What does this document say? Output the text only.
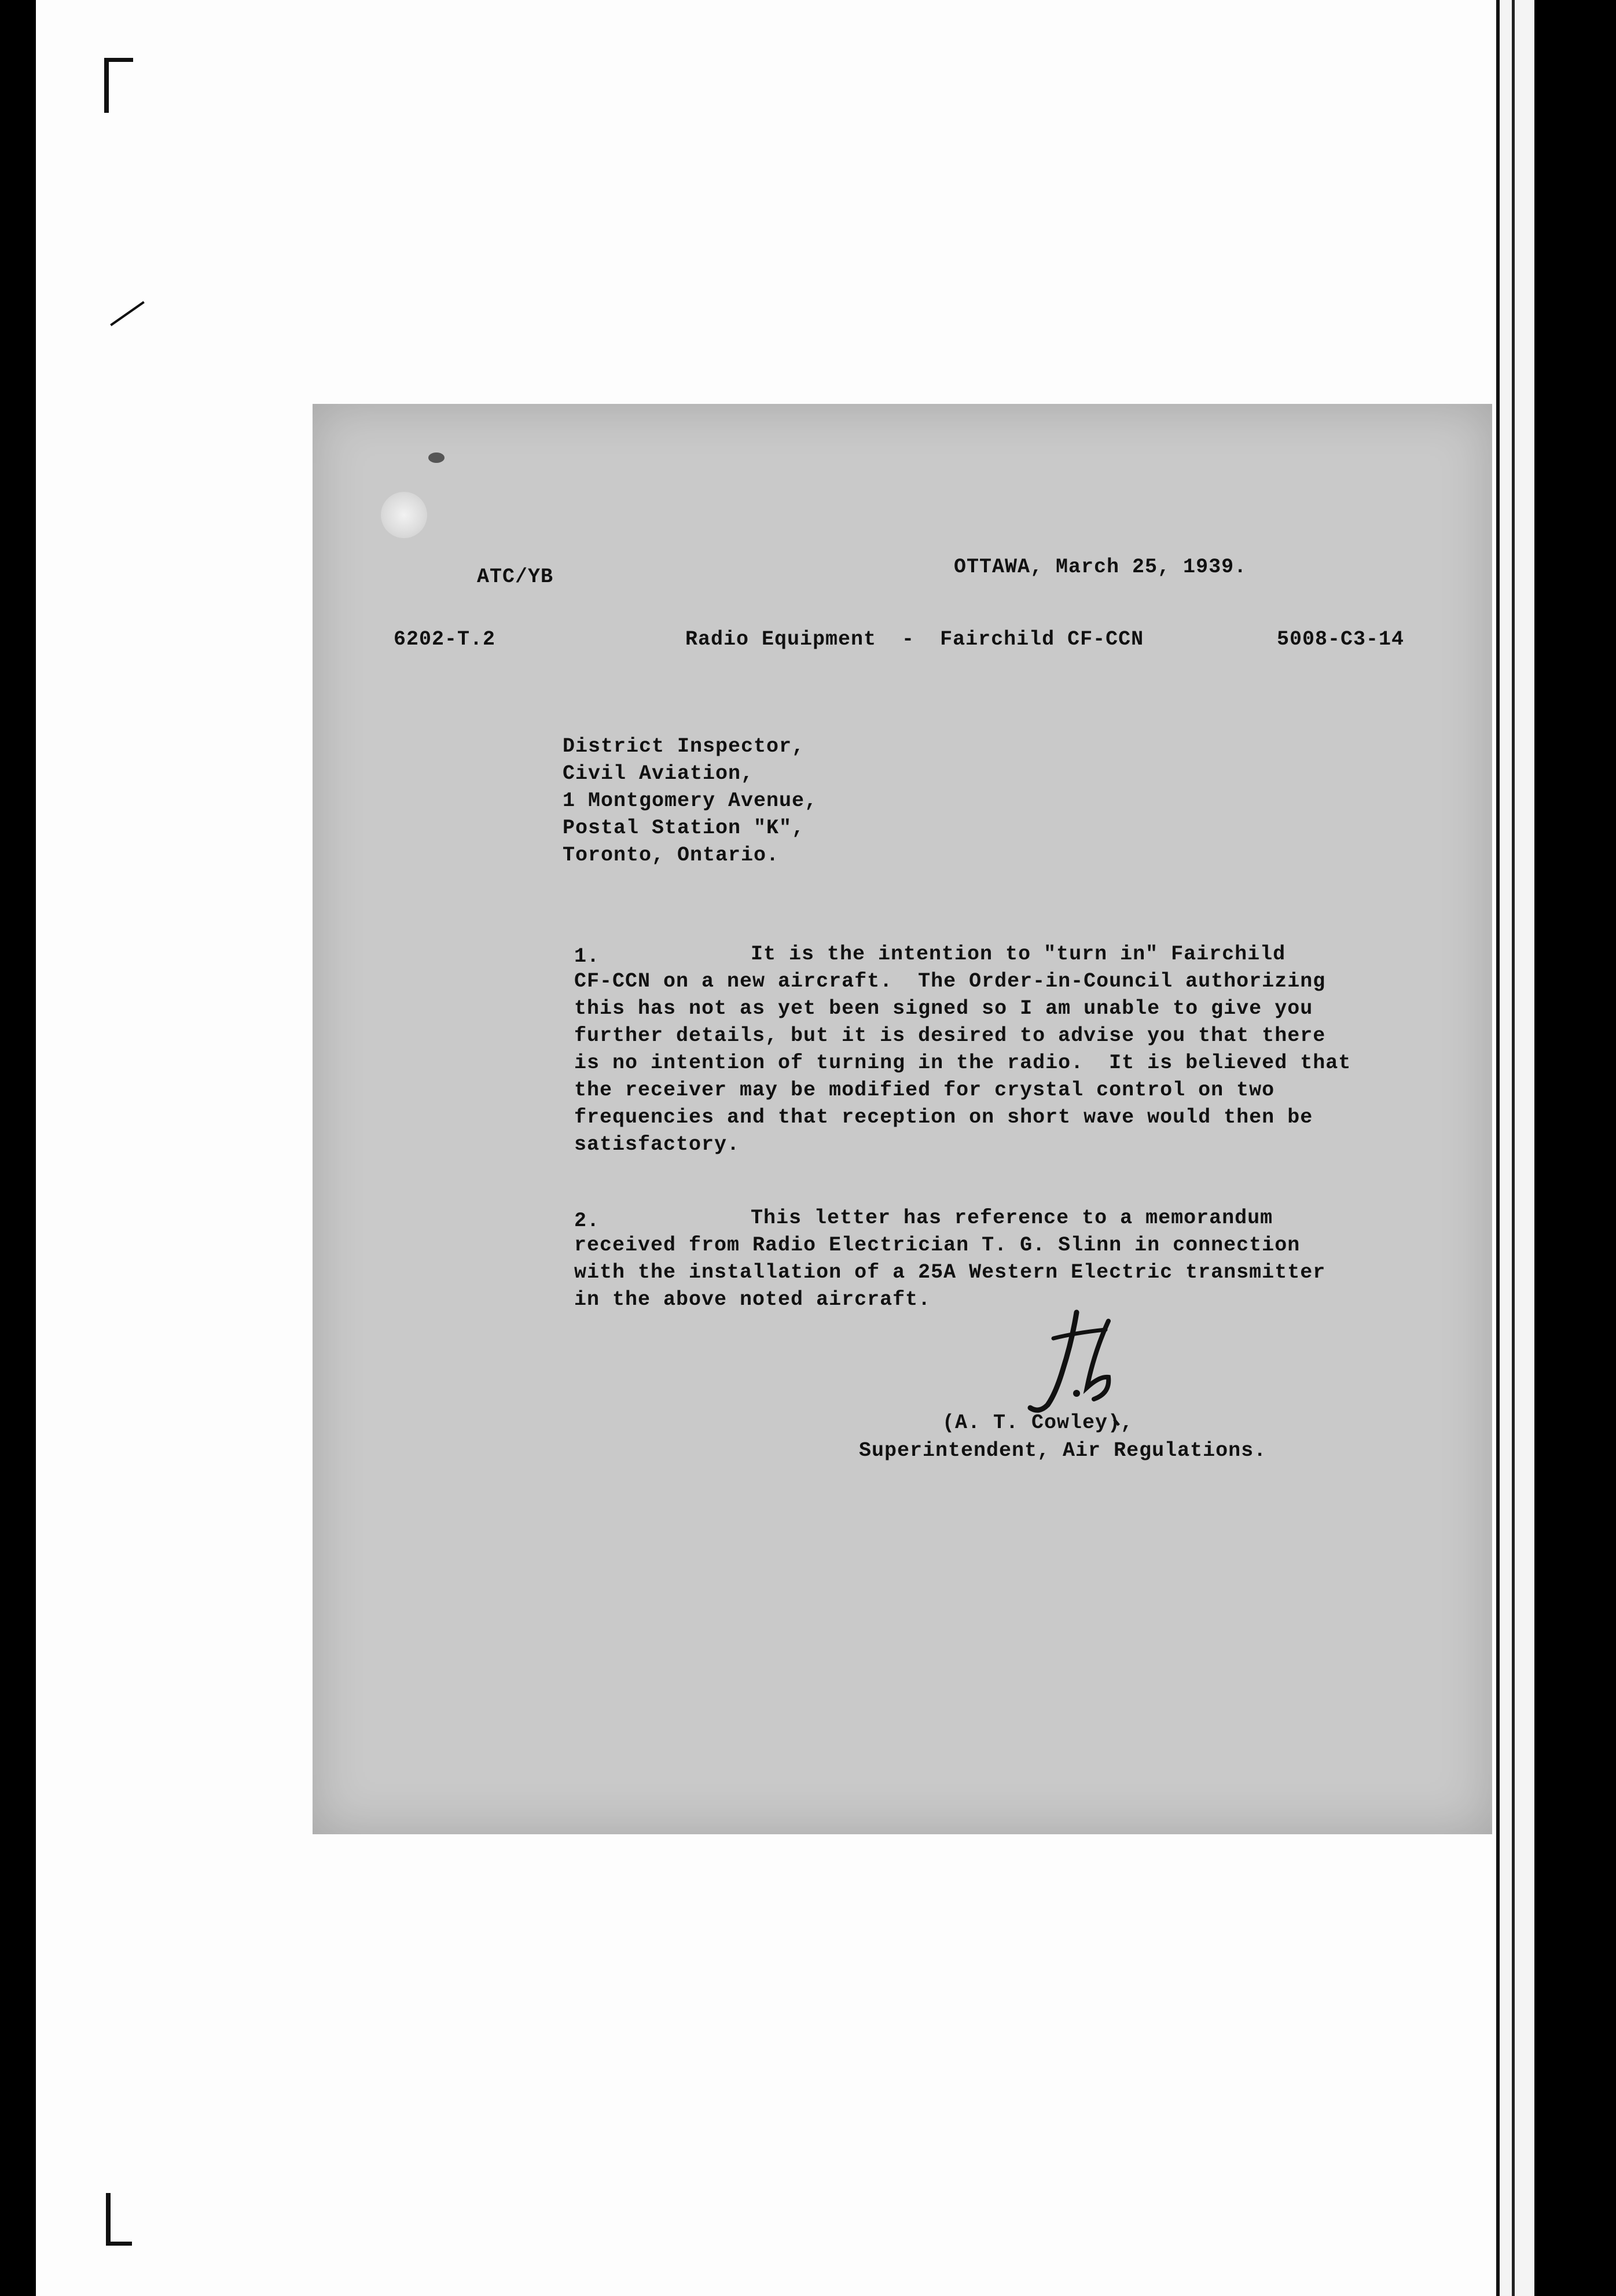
ATC/YB	OTTAWA, March 25, 1939.
6202-T.2	Radio Equipment  -  Fairchild CF-CCN	5008-C3-14
District Inspector,
Civil Aviation,
1 Montgomery Avenue,
Postal Station "K",
Toronto, Ontario.
1.	It is the intention to "turn in" Fairchild
CF-CCN on a new aircraft.  The Order-in-Council authorizing
this has not as yet been signed so I am unable to give you
further details, but it is desired to advise you that there
is no intention of turning in the radio.  It is believed that
the receiver may be modified for crystal control on two
frequencies and that reception on short wave would then be
satisfactory.
2.	This letter has reference to a memorandum
received from Radio Electrician T. G. Slinn in connection
with the installation of a 25A Western Electric transmitter
in the above noted aircraft.
(A. T. Cowley),
Superintendent, Air Regulations.
